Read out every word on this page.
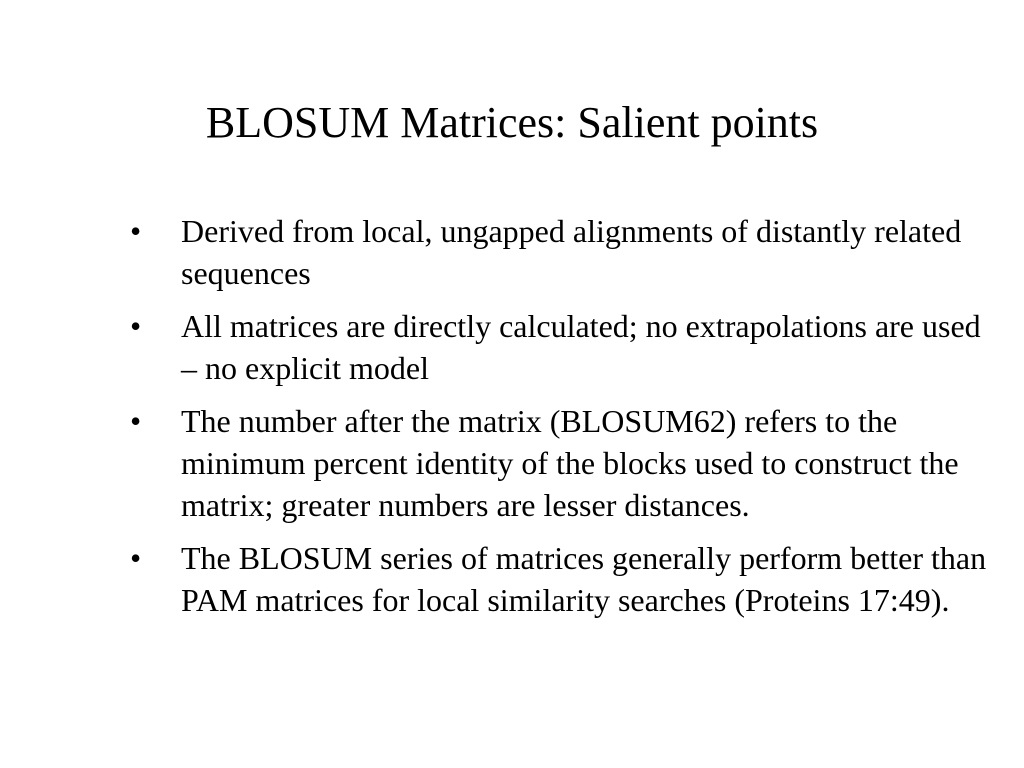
BLOSUM Matrices: Salient points
•	Derived from local, ungapped alignments of distantly related sequences
•	All matrices are directly calculated; no extrapolations are used – no explicit model
•	The number after the matrix (BLOSUM62) refers to the minimum percent identity of the blocks used to construct the matrix; greater numbers are lesser distances.
•	The BLOSUM series of matrices generally perform better than PAM matrices for local similarity searches (Proteins 17:49).
